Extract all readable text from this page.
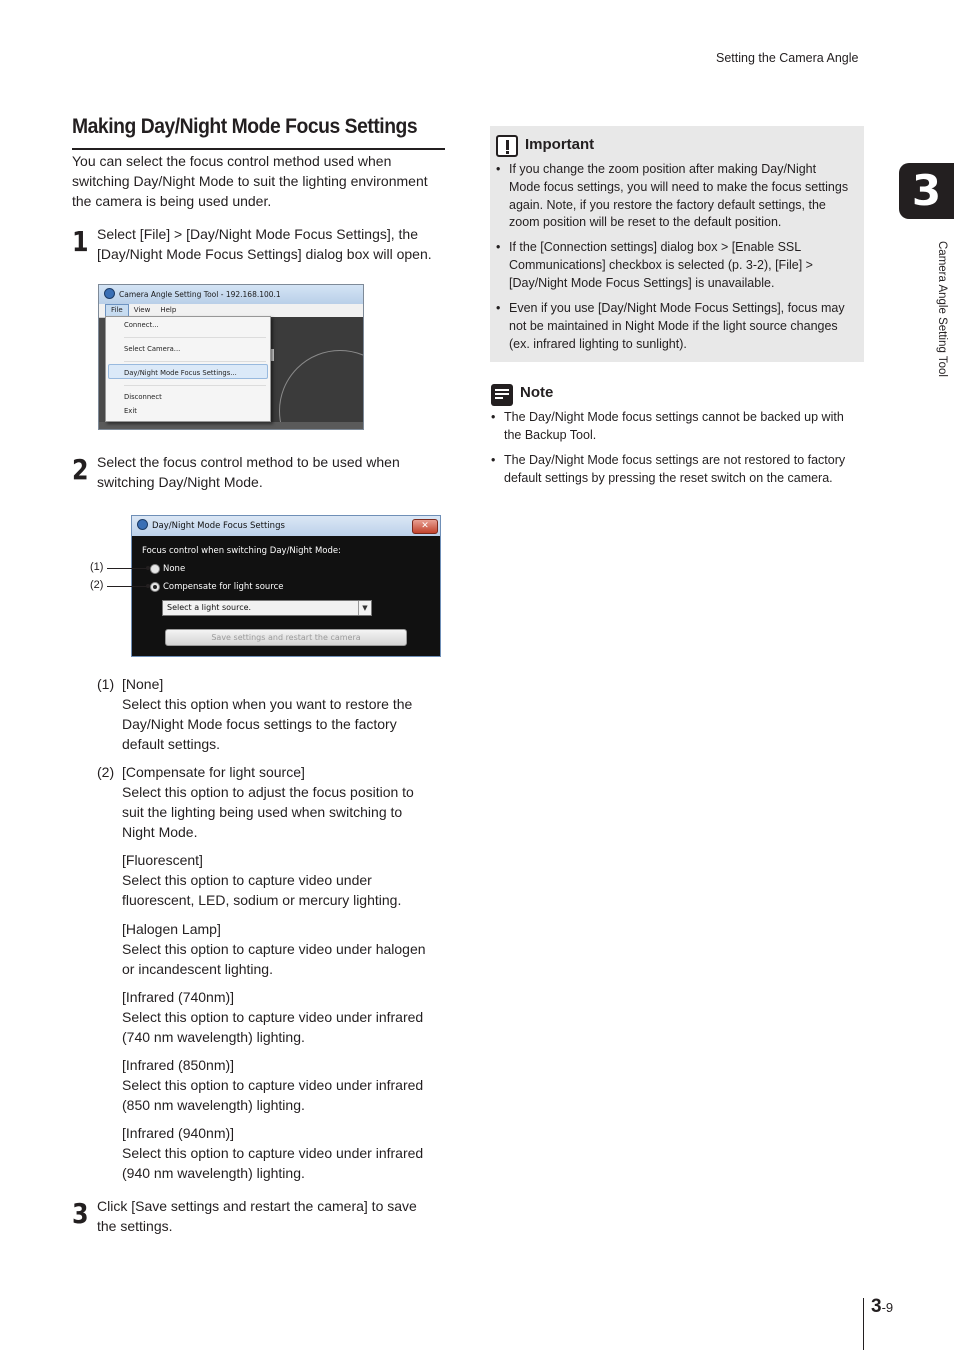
Setting the Camera Angle
3
Camera Angle Setting Tool
Making Day/Night Mode Focus Settings
You can select the focus control method used when
switching Day/Night Mode to suit the lighting environment
the camera is being used under.
1 Select [File] > [Day/Night Mode Focus Settings], the
[Day/Night Mode Focus Settings] dialog box will open.
Camera Angle Setting Tool - 192.168.100.1
File View Help
Connect...
Select Camera...
Day/Night Mode Focus Settings...
Disconnect
Exit
2 Select the focus control method to be used when
switching Day/Night Mode.
Day/Night Mode Focus Settings	✕
Focus control when switching Day/Night Mode:
None
Compensate for light source
Select a light source.	▼
Save settings and restart the camera
(1)
(2)
(1) [None]
Select this option when you want to restore the
Day/Night Mode focus settings to the factory
default settings.
(2) [Compensate for light source]
Select this option to adjust the focus position to
suit the lighting being used when switching to
Night Mode.
[Fluorescent]
Select this option to capture video under
fluorescent, LED, sodium or mercury lighting.
[Halogen Lamp]
Select this option to capture video under halogen
or incandescent lighting.
[Infrared (740nm)]
Select this option to capture video under infrared
(740 nm wavelength) lighting.
[Infrared (850nm)]
Select this option to capture video under infrared
(850 nm wavelength) lighting.
[Infrared (940nm)]
Select this option to capture video under infrared
(940 nm wavelength) lighting.
3 Click [Save settings and restart the camera] to save
the settings.
Important
• If you change the zoom position after making Day/Night
Mode focus settings, you will need to make the focus settings
again. Note, if you restore the factory default settings, the
zoom position will be reset to the default position.
• If the [Connection settings] dialog box > [Enable SSL
Communications] checkbox is selected (p. 3-2), [File] >
[Day/Night Mode Focus Settings] is unavailable.
• Even if you use [Day/Night Mode Focus Settings], focus may
not be maintained in Night Mode if the light source changes
(ex. infrared lighting to sunlight).
Note
• The Day/Night Mode focus settings cannot be backed up with
the Backup Tool.
• The Day/Night Mode focus settings are not restored to factory
default settings by pressing the reset switch on the camera.
3-9
